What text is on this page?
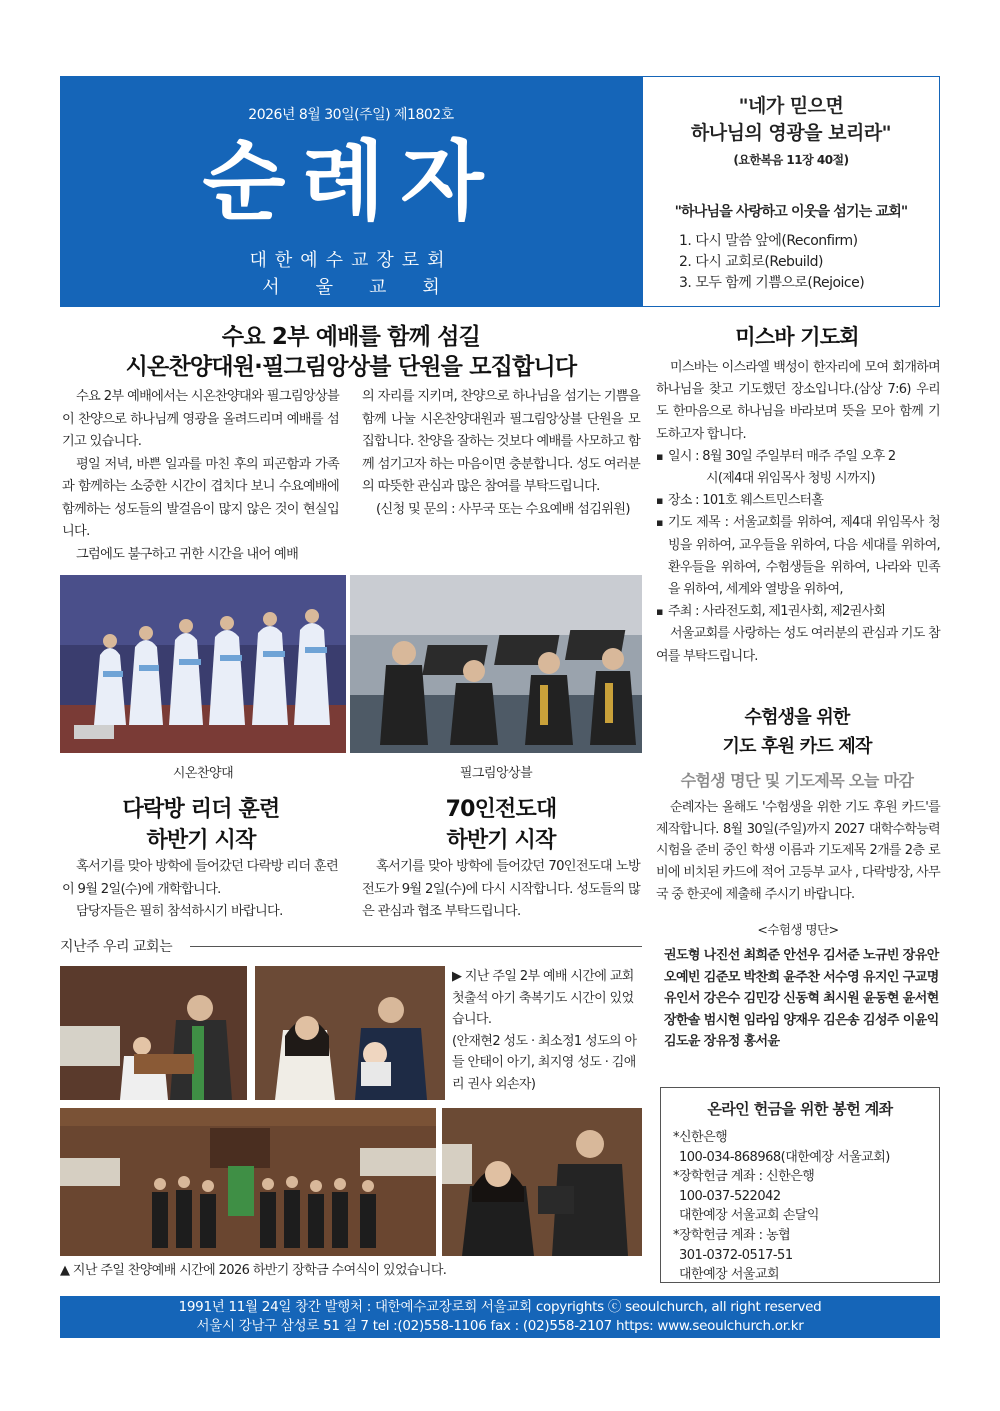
2026년 8월 30일(주일) 제1802호
순례자
대한예수교장로회
서울교회
"네가 믿으면
하나님의 영광을 보리라"
(요한복음 11장 40절)
"하나님을 사랑하고 이웃을 섬기는 교회"
1. 다시 말씀 앞에(Reconfirm)
2. 다시 교회로(Rebuild)
3. 모두 함께 기쁨으로(Rejoice)
수요 2부 예배를 함께 섬길
시온찬양대원·필그림앙상블 단원을 모집합니다

수요 2부 예배에서는 시온찬양대와 필그림앙상블이 찬양으로 하나님께 영광을 올려드리며 예배를 섬기고 있습니다.

평일 저녁, 바쁜 일과를 마친 후의 피곤함과 가족과 함께하는 소중한 시간이 겹치다 보니 수요예배에 함께하는 성도들의 발걸음이 많지 않은 것이 현실입니다.

그럼에도 불구하고 귀한 시간을 내어 예배

의 자리를 지키며, 찬양으로 하나님을 섬기는 기쁨을 함께 나눌 시온찬양대원과 필그림앙상블 단원을 모집합니다. 찬양을 잘하는 것보다 예배를 사모하고 함께 섬기고자 하는 마음이면 충분합니다. 성도 여러분의 따뜻한 관심과 많은 참여를 부탁드립니다.

(신청 및 문의 : 사무국 또는 수요예배 섬김위원)

시온찬양대	필그림앙상블
다락방 리더 훈련
하반기 시작

혹서기를 맞아 방학에 들어갔던 다락방 리더 훈련이 9월 2일(수)에 개학합니다.

담당자들은 필히 참석하시기 바랍니다.

70인전도대
하반기 시작

혹서기를 맞아 방학에 들어갔던 70인전도대 노방전도가 9월 2일(수)에 다시 시작합니다. 성도들의 많은 관심과 협조 부탁드립니다.

지난주 우리 교회는

▶ 지난 주일 2부 예배 시간에 교회 첫출석 아기 축복기도 시간이 있었습니다.

(안재현2 성도 · 최소정1 성도의 아들 안태이 아기, 최지영 성도 · 김애리 권사 외손자)

▲ 지난 주일 찬양예배 시간에 2026 하반기 장학금 수여식이 있었습니다.
미스바 기도회

미스바는 이스라엘 백성이 한자리에 모여 회개하며 하나님을 찾고 기도했던 장소입니다.(삼상 7:6) 우리도 한마음으로 하나님을 바라보며 뜻을 모아 함께 기도하고자 합니다.

▪ 일시 : 8월 30일 주일부터 매주 주일 오후 2

시(제4대 위임목사 청빙 시까지)

▪ 장소 : 101호 웨스트민스터홀

▪ 기도 제목 : 서울교회를 위하여, 제4대 위임목사 청빙을 위하여, 교우들을 위하여, 다음 세대를 위하여, 환우들을 위하여, 수험생들을 위하여, 나라와 민족을 위하여, 세계와 열방을 위하여,

▪ 주최 : 사라전도회, 제1권사회, 제2권사회

서울교회를 사랑하는 성도 여러분의 관심과 기도 참여를 부탁드립니다.

수험생을 위한
기도 후원 카드 제작
수험생 명단 및 기도제목 오늘 마감

순례자는 올해도 '수험생을 위한 기도 후원 카드'를 제작합니다. 8월 30일(주일)까지 2027 대학수학능력시험을 준비 중인 학생 이름과 기도제목 2개를 2층 로비에 비치된 카드에 적어 고등부 교사 , 다락방장, 사무국 중 한곳에 제출해 주시기 바랍니다.

<수험생 명단>
권도형 나진선 최희준 안선우 김서준 노규빈 장유안 오예빈 김준모 박찬희 윤주찬 서수영 유지인 구교명 유인서 강은수 김민강 신동혁 최시원 윤동현 윤서현 장한솔 범시현 임라임 양재우 김은송 김성주 이윤익 김도윤 장유정 홍서윤
온라인 헌금을 위한 봉헌 계좌
*신한은행
100-034-868968(대한예장 서울교회)
*장학헌금 계좌 : 신한은행
100-037-522042
대한예장 서울교회 손달익
*장학헌금 계좌 : 농협
301-0372-0517-51
대한예장 서울교회
1991년 11월 24일 창간 발행처 : 대한예수교장로회 서울교회 copyrights ⓒ seoulchurch, all right reserved
서울시 강남구 삼성로 51 길 7 tel :(02)558-1106 fax : (02)558-2107 https: www.seoulchurch.or.kr
